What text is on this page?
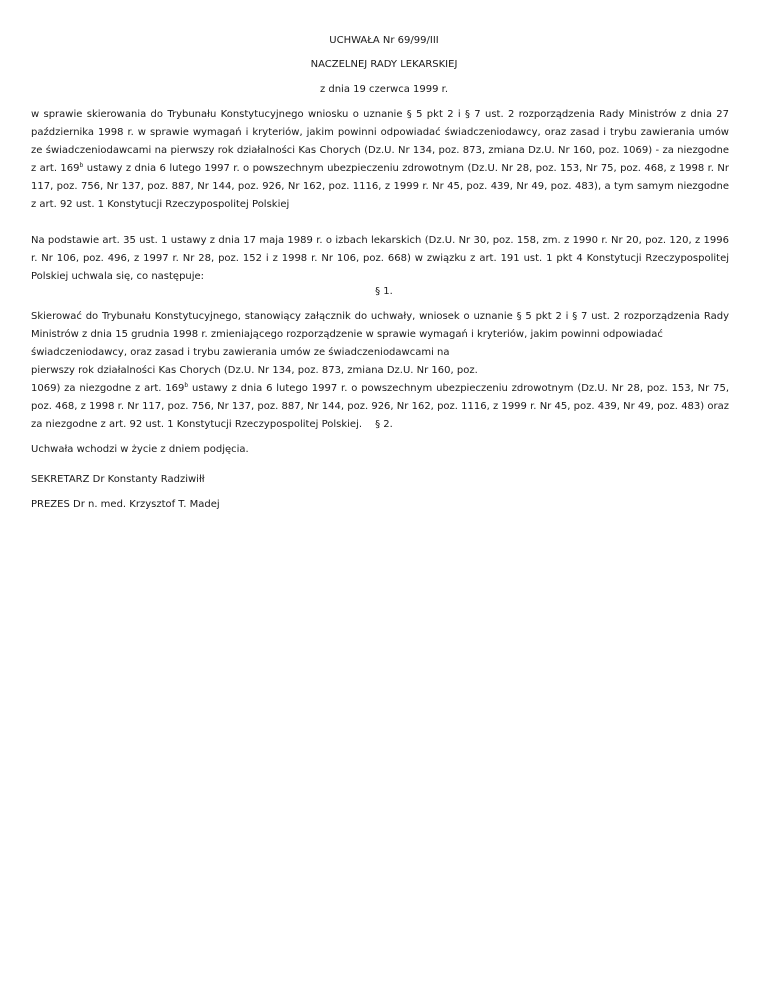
UCHWAŁA Nr 69/99/III

NACZELNEJ RADY LEKARSKIEJ

z dnia 19 czerwca 1999 r.

w sprawie skierowania do Trybunału Konstytucyjnego wniosku o uznanie § 5 pkt 2 i § 7 ust. 2 rozporządzenia Rady Ministrów z dnia 27 października 1998 r. w sprawie wymagań i kryteriów, jakim powinni odpowiadać świadczeniodawcy, oraz zasad i trybu zawierania umów ze świadczeniodawcami na pierwszy rok działalności Kas Chorych (Dz.U. Nr 134, poz. 873, zmiana Dz.U. Nr 160, poz. 1069) - za niezgodne z art. 169$^b$ ustawy z dnia 6 lutego 1997 r. o powszechnym ubezpieczeniu zdrowotnym (Dz.U. Nr 28, poz. 153, Nr 75, poz. 468, z 1998 r. Nr 117, poz. 756, Nr 137, poz. 887, Nr 144, poz. 926, Nr 162, poz. 1116, z 1999 r. Nr 45, poz. 439, Nr 49, poz. 483), a tym samym niezgodne z art. 92 ust. 1 Konstytucji Rzeczypospolitej Polskiej

Na podstawie art. 35 ust. 1 ustawy z dnia 17 maja 1989 r. o izbach lekarskich (Dz.U. Nr 30, poz. 158, zm. z 1990 r. Nr 20, poz. 120, z 1996 r. Nr 106, poz. 496, z 1997 r. Nr 28, poz. 152 i z 1998 r. Nr 106, poz. 668) w związku z art. 191 ust. 1 pkt 4 Konstytucji Rzeczypospolitej Polskiej uchwala się, co następuje:

§ 1.

Skierować do Trybunału Konstytucyjnego, stanowiący załącznik do uchwały, wniosek o uznanie § 5 pkt 2 i § 7 ust. 2 rozporządzenia Rady Ministrów z dnia 15 grudnia 1998 r. zmieniającego rozporządzenie w sprawie wymagań i kryteriów, jakim powinni odpowiadać
świadczeniodawcy, oraz zasad i trybu zawierania umów ze świadczeniodawcami na
pierwszy rok działalności Kas Chorych (Dz.U. Nr 134, poz. 873, zmiana Dz.U. Nr 160, poz.
1069) za niezgodne z art. 169$^b$ ustawy z dnia 6 lutego 1997 r. o powszechnym ubezpieczeniu zdrowotnym (Dz.U. Nr 28, poz. 153, Nr 75, poz. 468, z 1998 r. Nr 117, poz. 756, Nr 137, poz. 887, Nr 144, poz. 926, Nr 162, poz. 1116, z 1999 r. Nr 45, poz. 439, Nr 49, poz. 483) oraz za niezgodne z art. 92 ust. 1 Konstytucji Rzeczypospolitej Polskiej.	§ 2.

Uchwała wchodzi w życie z dniem podjęcia.

SEKRETARZ Dr Konstanty Radziwiłł

PREZES Dr n. med. Krzysztof T. Madej
